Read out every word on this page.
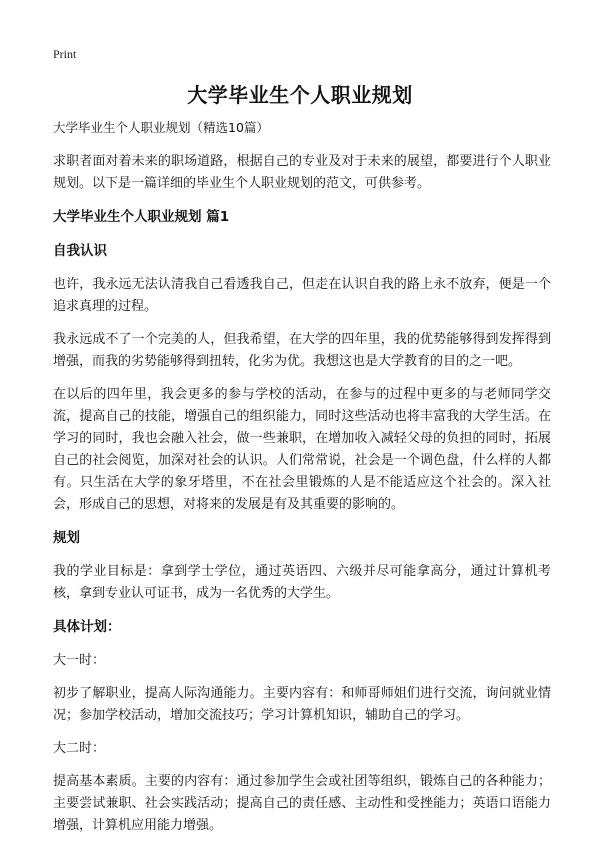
Print
大学毕业生个人职业规划

大学毕业生个人职业规划（精选10篇）

求职者面对着未来的职场道路，根据自己的专业及对于未来的展望，都要进行个人职业规划。以下是一篇详细的毕业生个人职业规划的范文，可供参考。

大学毕业生个人职业规划 篇1
自我认识

也许，我永远无法认清我自己看透我自己，但走在认识自我的路上永不放弃，便是一个追求真理的过程。

我永远成不了一个完美的人，但我希望，在大学的四年里，我的优势能够得到发挥得到增强，而我的劣势能够得到扭转，化劣为优。我想这也是大学教育的目的之一吧。

在以后的四年里，我会更多的参与学校的活动，在参与的过程中更多的与老师同学交流，提高自己的技能，增强自己的组织能力，同时这些活动也将丰富我的大学生活。在学习的同时，我也会融入社会，做一些兼职，在增加收入减轻父母的负担的同时，拓展自己的社会阅览，加深对社会的认识。人们常常说，社会是一个调色盘，什么样的人都有。只生活在大学的象牙塔里，不在社会里锻炼的人是不能适应这个社会的。深入社会，形成自己的思想，对将来的发展是有及其重要的影响的。

规划

我的学业目标是：拿到学士学位，通过英语四、六级并尽可能拿高分，通过计算机考核，拿到专业认可证书，成为一名优秀的大学生。

具体计划：

大一时：

初步了解职业，提高人际沟通能力。主要内容有：和师哥师姐们进行交流，询问就业情况；参加学校活动，增加交流技巧；学习计算机知识，辅助自己的学习。

大二时：

提高基本素质。主要的内容有：通过参加学生会或社团等组织，锻炼自己的各种能力；主要尝试兼职、社会实践活动；提高自己的责任感、主动性和受挫能力；英语口语能力增强，计算机应用能力增强。
